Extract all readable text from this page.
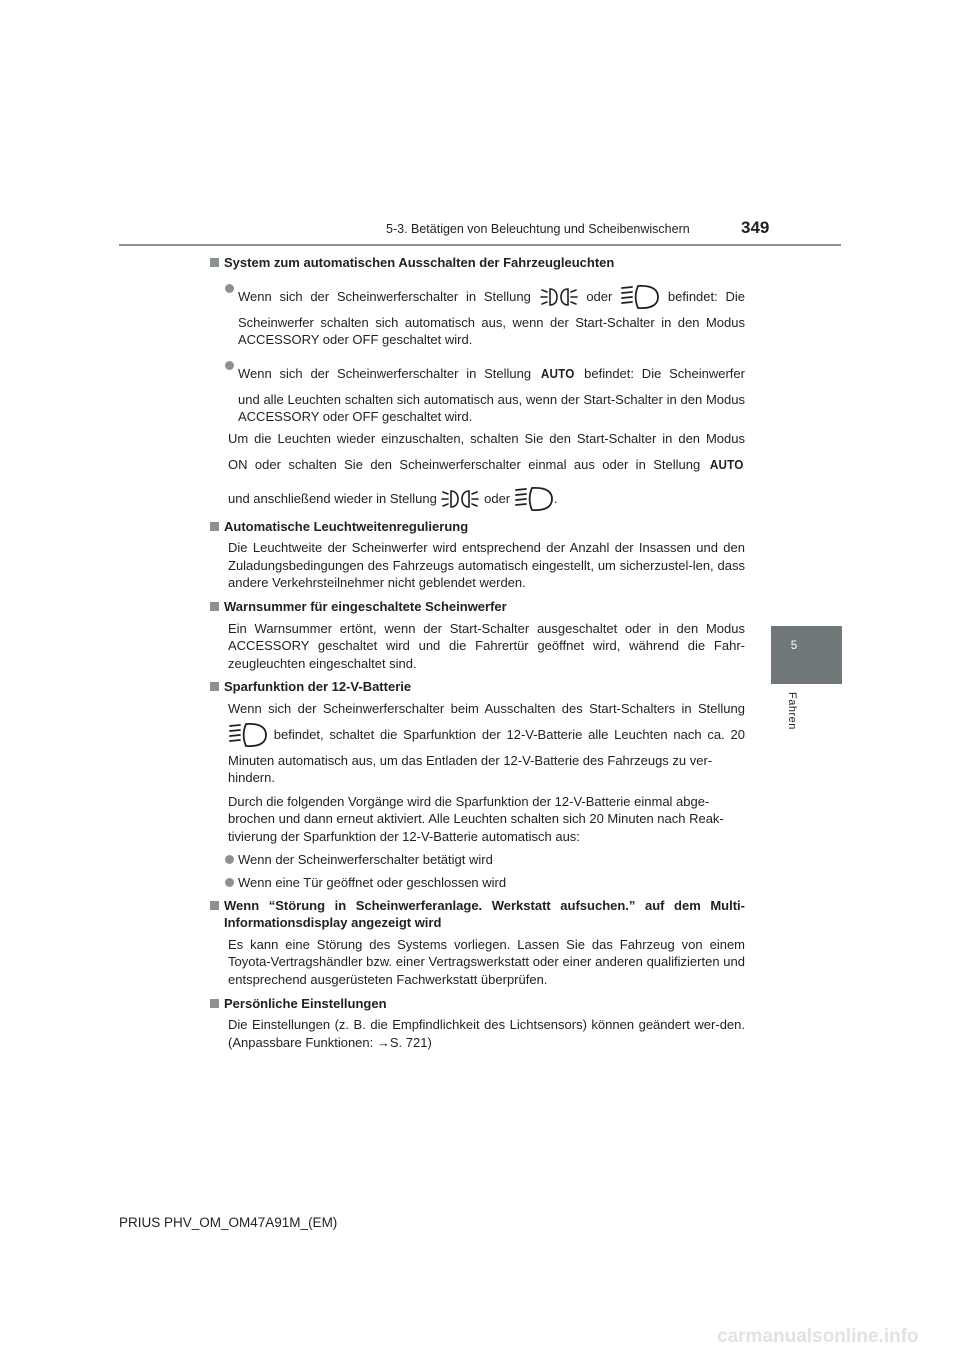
5-3. Betätigen von Beleuchtung und Scheibenwischern	349
5
Fahren
System zum automatischen Ausschalten der Fahrzeugleuchten
Wenn sich der Scheinwerferschalter in Stellung	oder	befindet: Die
Scheinwerfer schalten sich automatisch aus, wenn der Start-Schalter in den Modus ACCESSORY oder OFF geschaltet wird.
Wenn sich der Scheinwerferschalter in Stellung AUTO befindet: Die Scheinwerfer
und alle Leuchten schalten sich automatisch aus, wenn der Start-Schalter in den Modus ACCESSORY oder OFF geschaltet wird.
Um die Leuchten wieder einzuschalten, schalten Sie den Start-Schalter in den Modus
ON oder schalten Sie den Scheinwerferschalter einmal aus oder in Stellung AUTO
und anschließend wieder in Stellung	oder	.
Automatische Leuchtweitenregulierung

Die Leuchtweite der Scheinwerfer wird entsprechend der Anzahl der Insassen und den Zuladungsbedingungen des Fahrzeugs automatisch eingestellt, um sicherzustel-len, dass andere Verkehrsteilnehmer nicht geblendet werden.

Warnsummer für eingeschaltete Scheinwerfer

Ein Warnsummer ertönt, wenn der Start-Schalter ausgeschaltet oder in den Modus ACCESSORY geschaltet wird und die Fahrertür geöffnet wird, während die Fahr-zeugleuchten eingeschaltet sind.

Sparfunktion der 12-V-Batterie
Wenn sich der Scheinwerferschalter beim Ausschalten des Start-Schalters in Stellung
befindet, schaltet die Sparfunktion der 12-V-Batterie alle Leuchten nach ca. 20
Minuten automatisch aus, um das Entladen der 12-V-Batterie des Fahrzeugs zu ver-hindern.
Durch die folgenden Vorgänge wird die Sparfunktion der 12-V-Batterie einmal abge-brochen und dann erneut aktiviert. Alle Leuchten schalten sich 20 Minuten nach Reak-tivierung der Sparfunktion der 12-V-Batterie automatisch aus:
Wenn der Scheinwerferschalter betätigt wird
Wenn eine Tür geöffnet oder geschlossen wird
Wenn “Störung in Scheinwerferanlage. Werkstatt aufsuchen.” auf dem Multi-Informationsdisplay angezeigt wird

Es kann eine Störung des Systems vorliegen. Lassen Sie das Fahrzeug von einem Toyota-Vertragshändler bzw. einer Vertragswerkstatt oder einer anderen qualifizierten und entsprechend ausgerüsteten Fachwerkstatt überprüfen.

Persönliche Einstellungen

Die Einstellungen (z. B. die Empfindlichkeit des Lichtsensors) können geändert wer-den. (Anpassbare Funktionen: →S. 721)

PRIUS PHV_OM_OM47A91M_(EM)
carmanualsonline.info
